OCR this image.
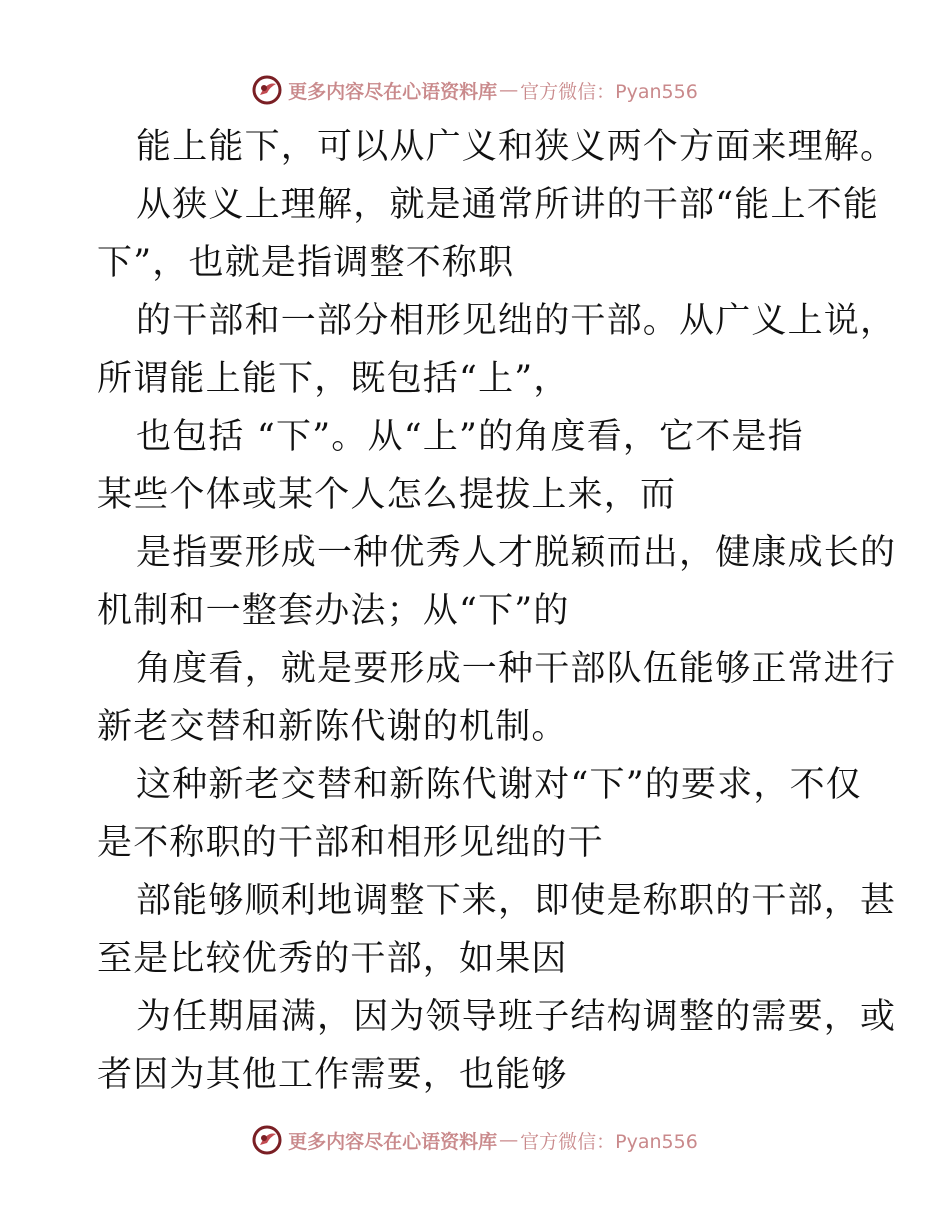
更多内容尽在心语资料库 — 官方微信：Pyan556
能上能下，可以从广义和狭义两个方面来理解。
从狭义上理解，就是通常所讲的干部“能上不能
下”，也就是指调整不称职
的干部和一部分相形见绌的干部。从广义上说，
所谓能上能下，既包括“上”，
也包括 “下”。从“上”的角度看，它不是指
某些个体或某个人怎么提拔上来，而
是指要形成一种优秀人才脱颖而出，健康成长的
机制和一整套办法；从“下”的
角度看，就是要形成一种干部队伍能够正常进行
新老交替和新陈代谢的机制。
这种新老交替和新陈代谢对“下”的要求，不仅
是不称职的干部和相形见绌的干
部能够顺利地调整下来，即使是称职的干部，甚
至是比较优秀的干部，如果因
为任期届满，因为领导班子结构调整的需要，或
者因为其他工作需要，也能够
更多内容尽在心语资料库 — 官方微信：Pyan556
